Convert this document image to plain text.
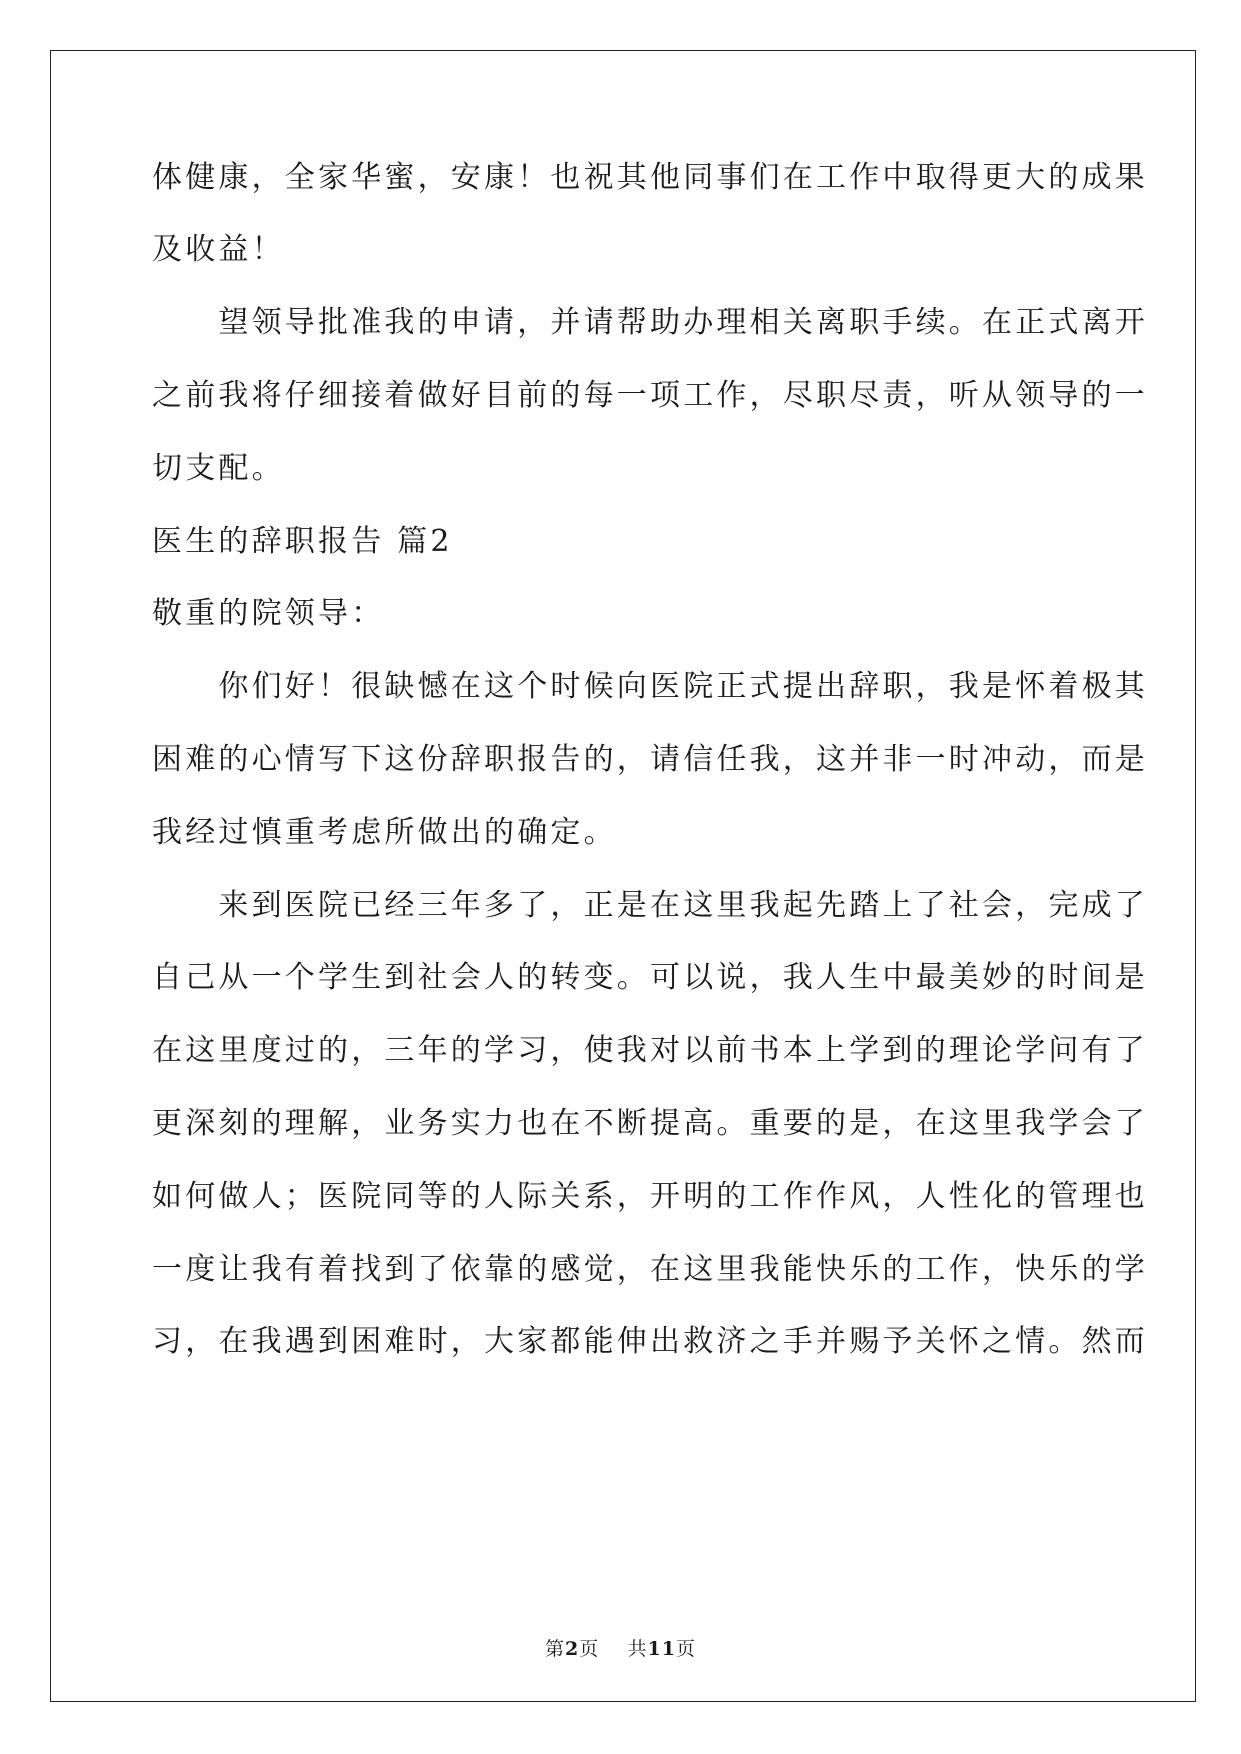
体健康，全家华蜜，安康！也祝其他同事们在工作中取得更大的成果
及收益！
　　望领导批准我的申请，并请帮助办理相关离职手续。在正式离开
之前我将仔细接着做好目前的每一项工作，尽职尽责，听从领导的一
切支配。
医生的辞职报告 篇2
敬重的院领导：
　　你们好！很缺憾在这个时候向医院正式提出辞职，我是怀着极其
困难的心情写下这份辞职报告的，请信任我，这并非一时冲动，而是
我经过慎重考虑所做出的确定。
　　来到医院已经三年多了，正是在这里我起先踏上了社会，完成了
自己从一个学生到社会人的转变。可以说，我人生中最美妙的时间是
在这里度过的，三年的学习，使我对以前书本上学到的理论学问有了
更深刻的理解，业务实力也在不断提高。重要的是，在这里我学会了
如何做人；医院同等的人际关系，开明的工作作风，人性化的管理也
一度让我有着找到了依靠的感觉，在这里我能快乐的工作，快乐的学
习，在我遇到困难时，大家都能伸出救济之手并赐予关怀之情。然而
第2页 共11页
